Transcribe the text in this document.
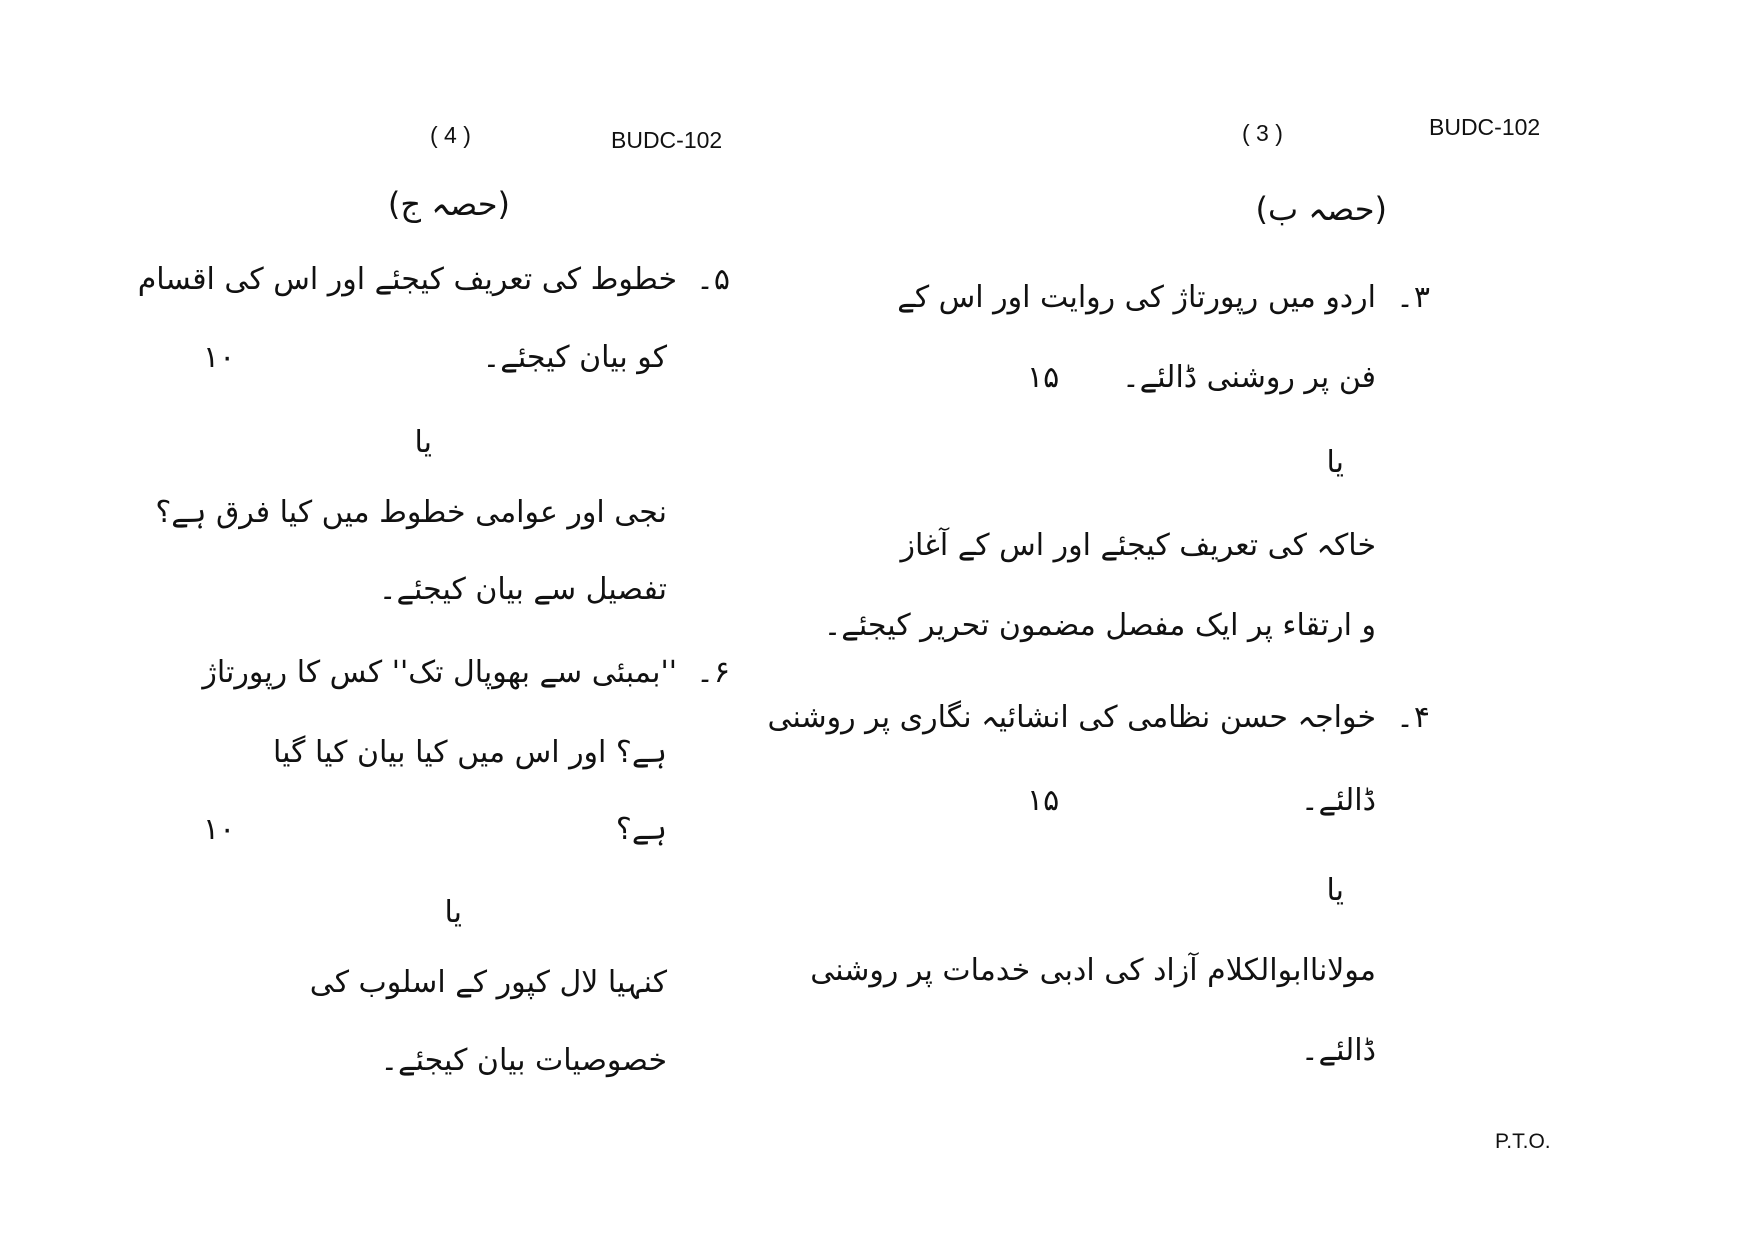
( 4 )	BUDC-102
(حصہ ج)
۵۔
خطوط کی تعریف کیجئے اور اس کی اقسام
کو بیان کیجئے۔
۱۰
یا
نجی اور عوامی خطوط میں کیا فرق ہے؟
تفصیل سے بیان کیجئے۔
۶۔
''بمبئی سے بھوپال تک'' کس کا رپورتاژ
ہے؟ اور اس میں کیا بیان کیا گیا
ہے؟
۱۰
یا
کنہیا لال کپور کے اسلوب کی
خصوصیات بیان کیجئے۔
( 3 )	BUDC-102
(حصہ ب)
۳۔
اردو میں رپورتاژ کی روایت اور اس کے
فن پر روشنی ڈالئے۔
۱۵
یا
خاکہ کی تعریف کیجئے اور اس کے آغاز
و ارتقاء پر ایک مفصل مضمون تحریر کیجئے۔
۴۔
خواجہ حسن نظامی کی انشائیہ نگاری پر روشنی
ڈالئے۔
۱۵
یا
مولاناابوالکلام آزاد کی ادبی خدمات پر روشنی
ڈالئے۔
P.T.O.
